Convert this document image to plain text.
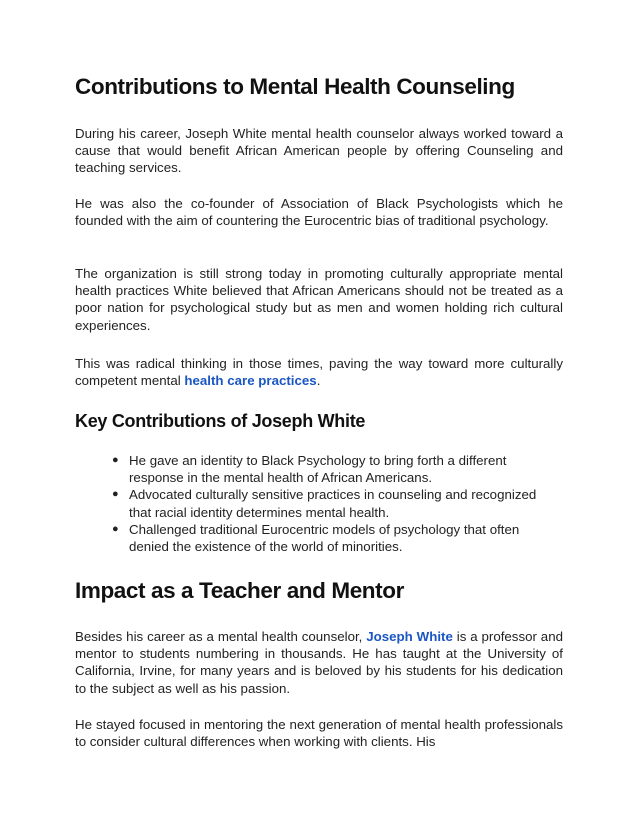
Contributions to Mental Health Counseling

During his career, Joseph White mental health counselor always worked toward a cause that would benefit African American people by offering Counseling and teaching services.

He was also the co-founder of Association of Black Psychologists which he founded with the aim of countering the Eurocentric bias of traditional psychology.

The organization is still strong today in promoting culturally appropriate mental health practices White believed that African Americans should not be treated as a poor nation for psychological study but as men and women holding rich cultural experiences.

This was radical thinking in those times, paving the way toward more culturally competent mental health care practices.

Key Contributions of Joseph White
● He gave an identity to Black Psychology to bring forth a different response in the mental health of African Americans.
● Advocated culturally sensitive practices in counseling and recognized that racial identity determines mental health.
● Challenged traditional Eurocentric models of psychology that often denied the existence of the world of minorities.
Impact as a Teacher and Mentor

Besides his career as a mental health counselor, Joseph White is a professor and mentor to students numbering in thousands. He has taught at the University of California, Irvine, for many years and is beloved by his students for his dedication to the subject as well as his passion.

He stayed focused in mentoring the next generation of mental health professionals to consider cultural differences when working with clients. His
